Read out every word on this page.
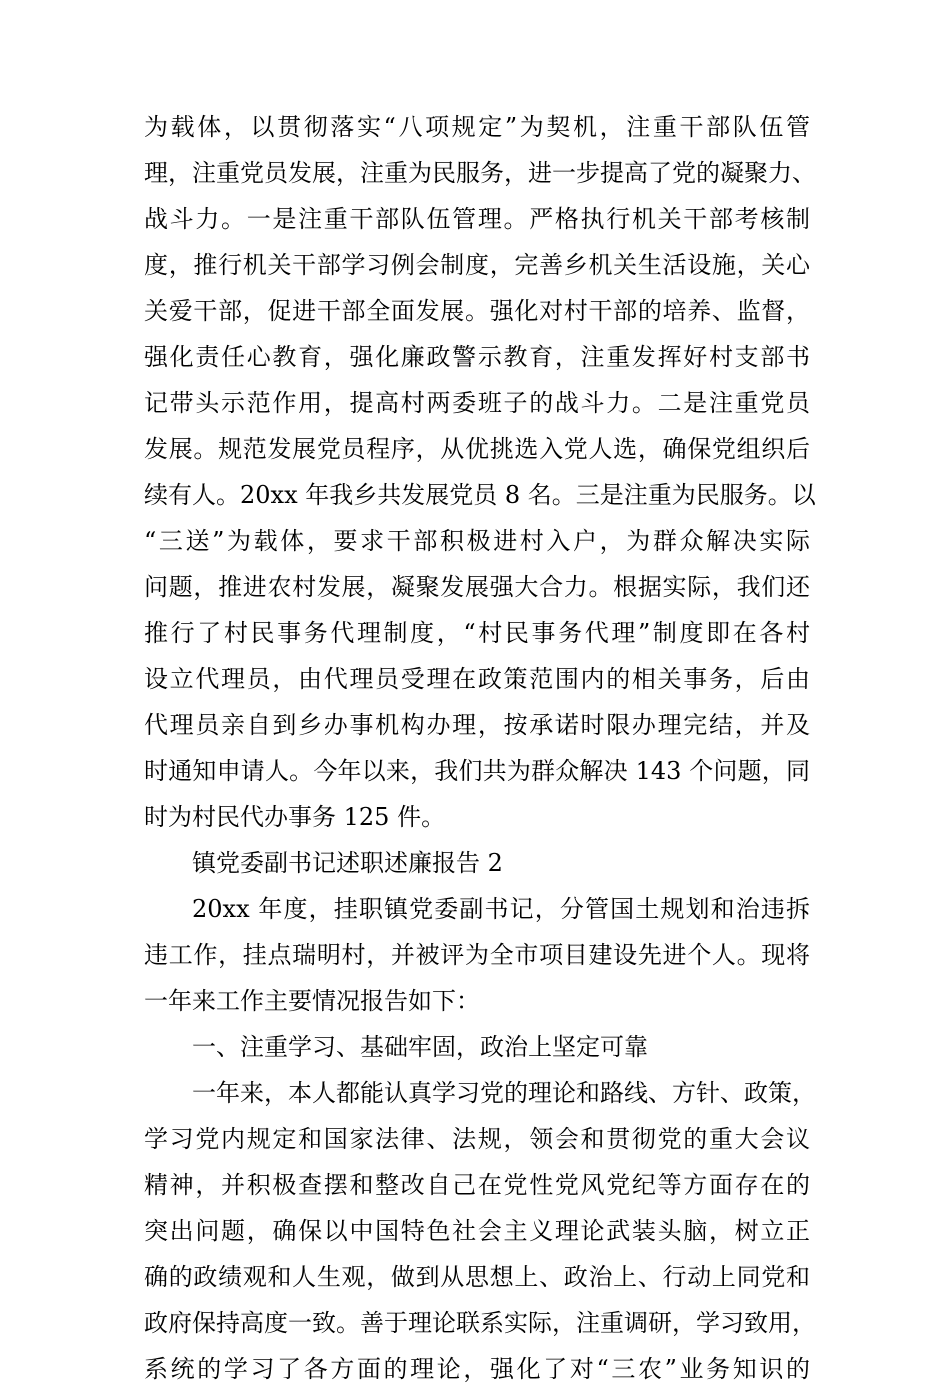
为载体，以贯彻落实“八项规定”为契机，注重干部队伍管
理，注重党员发展，注重为民服务，进一步提高了党的凝聚力、
战斗力。一是注重干部队伍管理。严格执行机关干部考核制
度，推行机关干部学习例会制度，完善乡机关生活设施，关心
关爱干部，促进干部全面发展。强化对村干部的培养、监督，
强化责任心教育，强化廉政警示教育，注重发挥好村支部书
记带头示范作用，提高村两委班子的战斗力。二是注重党员
发展。规范发展党员程序，从优挑选入党人选，确保党组织后
续有人。20xx 年我乡共发展党员 8 名。三是注重为民服务。以
“三送”为载体，要求干部积极进村入户，为群众解决实际
问题，推进农村发展，凝聚发展强大合力。根据实际，我们还
推行了村民事务代理制度，“村民事务代理”制度即在各村
设立代理员，由代理员受理在政策范围内的相关事务，后由
代理员亲自到乡办事机构办理，按承诺时限办理完结，并及
时通知申请人。今年以来，我们共为群众解决 143 个问题，同
时为村民代办事务 125 件。
镇党委副书记述职述廉报告 2
20xx 年度，挂职镇党委副书记，分管国土规划和治违拆
违工作，挂点瑞明村，并被评为全市项目建设先进个人。现将
一年来工作主要情况报告如下：
一、注重学习、基础牢固，政治上坚定可靠
一年来，本人都能认真学习党的理论和路线、方针、政策，
学习党内规定和国家法律、法规，领会和贯彻党的重大会议
精神，并积极查摆和整改自己在党性党风党纪等方面存在的
突出问题，确保以中国特色社会主义理论武装头脑，树立正
确的政绩观和人生观，做到从思想上、政治上、行动上同党和
政府保持高度一致。善于理论联系实际，注重调研，学习致用，
系统的学习了各方面的理论，强化了对“三农”业务知识的
